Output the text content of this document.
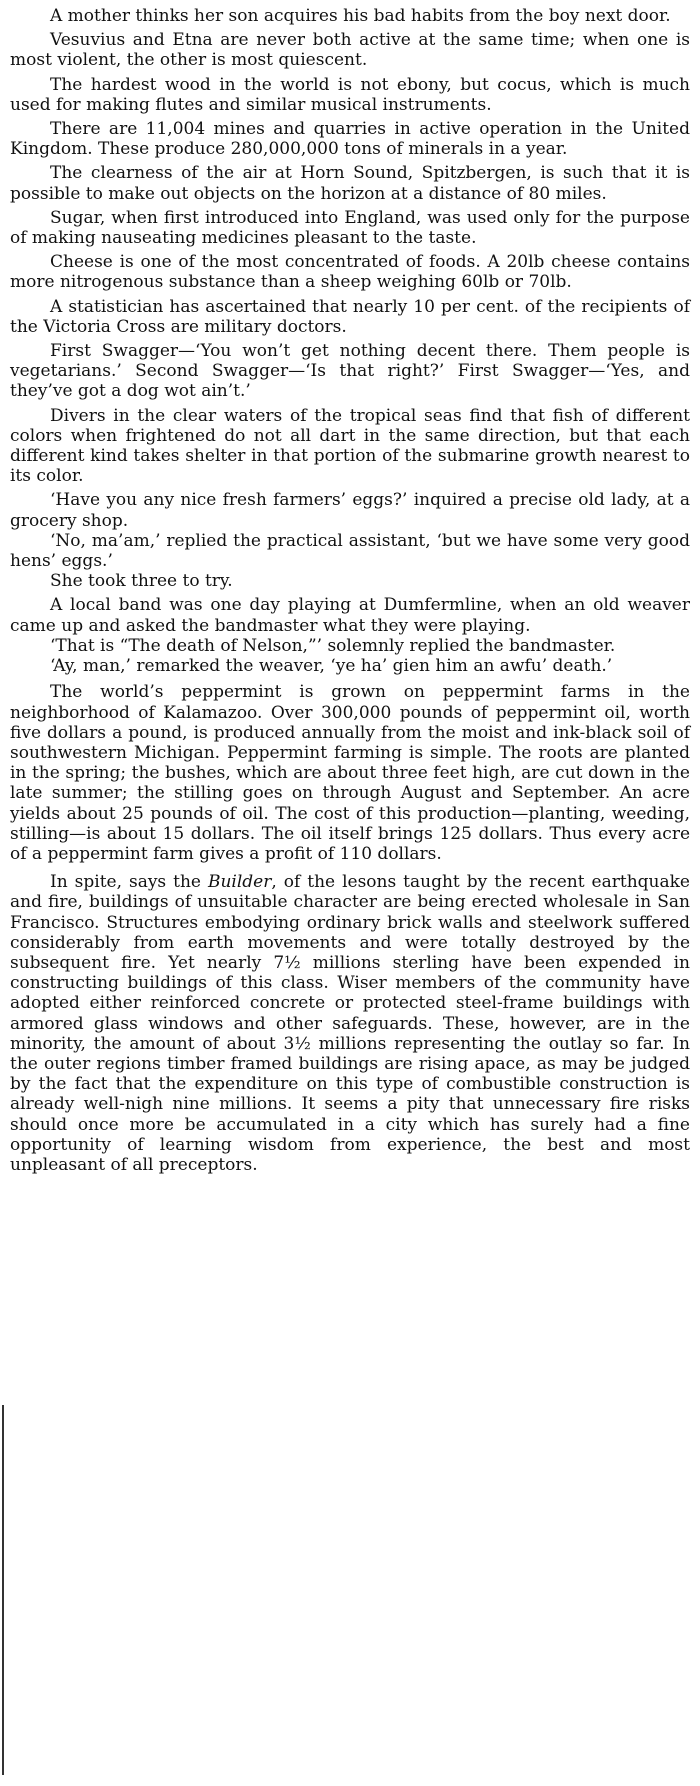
A mother thinks her son acquires his bad habits from the boy next door.

Vesuvius and Etna are never both active at the same time; when one is most violent, the other is most quiescent.

The hardest wood in the world is not ebony, but cocus, which is much used for making flutes and similar musical instruments.

There are 11,004 mines and quarries in active operation in the United Kingdom. These produce 280,000,000 tons of minerals in a year.

The clearness of the air at Horn Sound, Spitzbergen, is such that it is possible to make out objects on the horizon at a distance of 80 miles.

Sugar, when first introduced into England, was used only for the purpose of making nauseating medicines pleasant to the taste.

Cheese is one of the most concentrated of foods. A 20lb cheese contains more nitrogenous substance than a sheep weighing 60lb or 70lb.

A statistician has ascertained that nearly 10 per cent. of the recipients of the Victoria Cross are military doctors.

First Swagger—‘You won’t get nothing decent there. Them people is vegetarians.’ Second Swagger—‘Is that right?’ First Swagger—‘Yes, and they’ve got a dog wot ain’t.’

Divers in the clear waters of the tropical seas find that fish of different colors when frightened do not all dart in the same direction, but that each different kind takes shelter in that portion of the submarine growth nearest to its color.

‘Have you any nice fresh farmers’ eggs?’ inquired a precise old lady, at a grocery shop.

‘No, ma’am,’ replied the practical assistant, ‘but we have some very good hens’ eggs.’

She took three to try.

A local band was one day playing at Dumfermline, when an old weaver came up and asked the bandmaster what they were playing.

‘That is “The death of Nelson,”’ solemnly replied the bandmaster.

‘Ay, man,’ remarked the weaver, ‘ye ha’ gien him an awfu’ death.’

The world’s peppermint is grown on peppermint farms in the neighborhood of Kalamazoo. Over 300,000 pounds of peppermint oil, worth five dollars a pound, is produced annually from the moist and ink-black soil of southwestern Michigan. Peppermint farming is simple. The roots are planted in the spring; the bushes, which are about three feet high, are cut down in the late summer; the stilling goes on through August and September. An acre yields about 25 pounds of oil. The cost of this production—planting, weeding, stilling—is about 15 dollars. The oil itself brings 125 dollars. Thus every acre of a peppermint farm gives a profit of 110 dollars.

In spite, says the Builder, of the lesons taught by the recent earthquake and fire, buildings of unsuitable character are being erected wholesale in San Francisco. Structures embodying ordinary brick walls and steelwork suffered considerably from earth movements and were totally destroyed by the subsequent fire. Yet nearly 7½ millions sterling have been expended in constructing buildings of this class. Wiser members of the community have adopted either reinforced concrete or protected steel-frame buildings with armored glass windows and other safeguards. These, however, are in the minority, the amount of about 3½ millions representing the outlay so far. In the outer regions timber framed buildings are rising apace, as may be judged by the fact that the expenditure on this type of combustible construction is already well-nigh nine millions. It seems a pity that unnecessary fire risks should once more be accumulated in a city which has surely had a fine opportunity of learning wisdom from experience, the best and most unpleasant of all preceptors.
